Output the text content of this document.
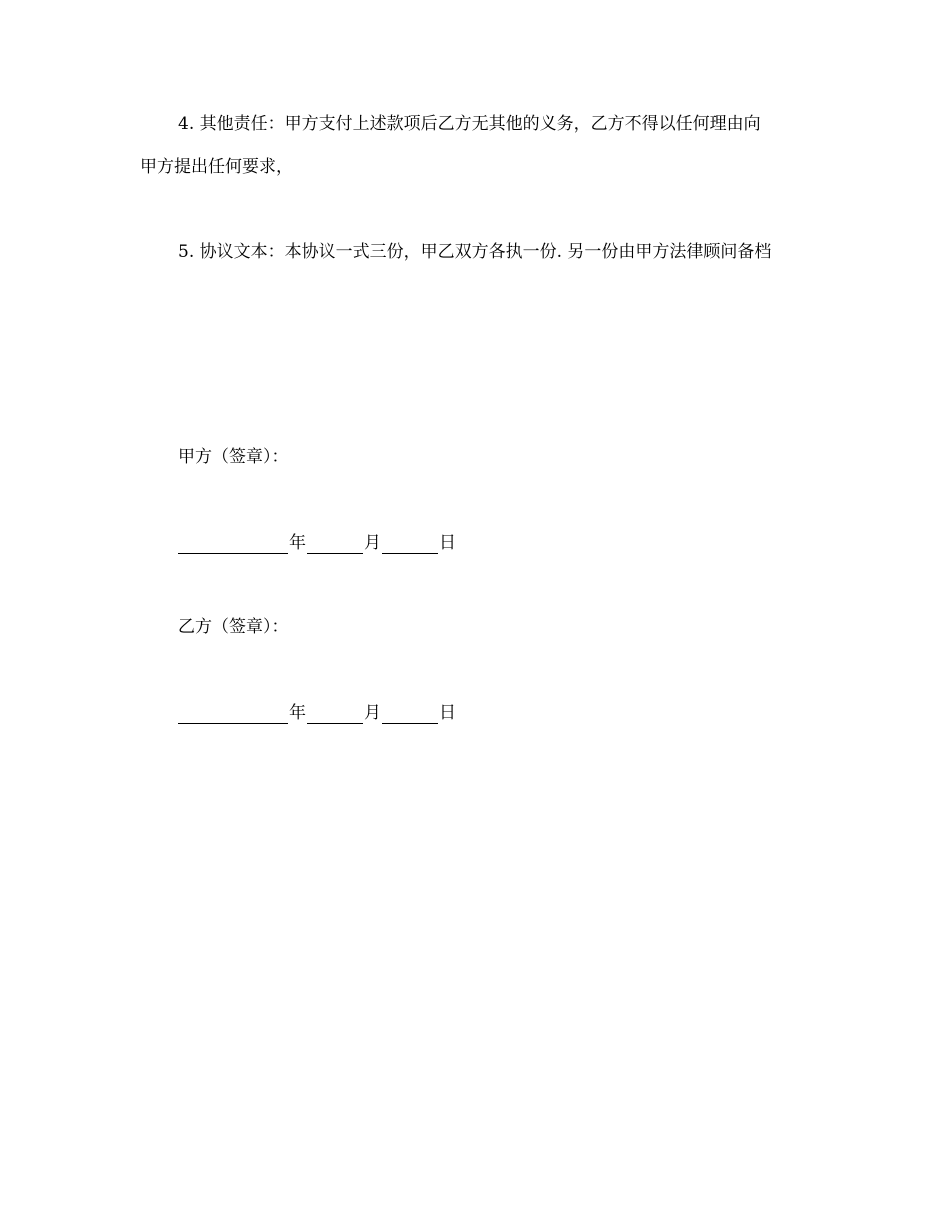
4. 其他责任：甲方支付上述款项后乙方无其他的义务，乙方不得以任何理由向
甲方提出任何要求，
5. 协议文本：本协议一式三份，甲乙双方各执一份. 另一份由甲方法律顾问备档
甲方（签章）：
年	月	日
乙方（签章）：
年	月	日
